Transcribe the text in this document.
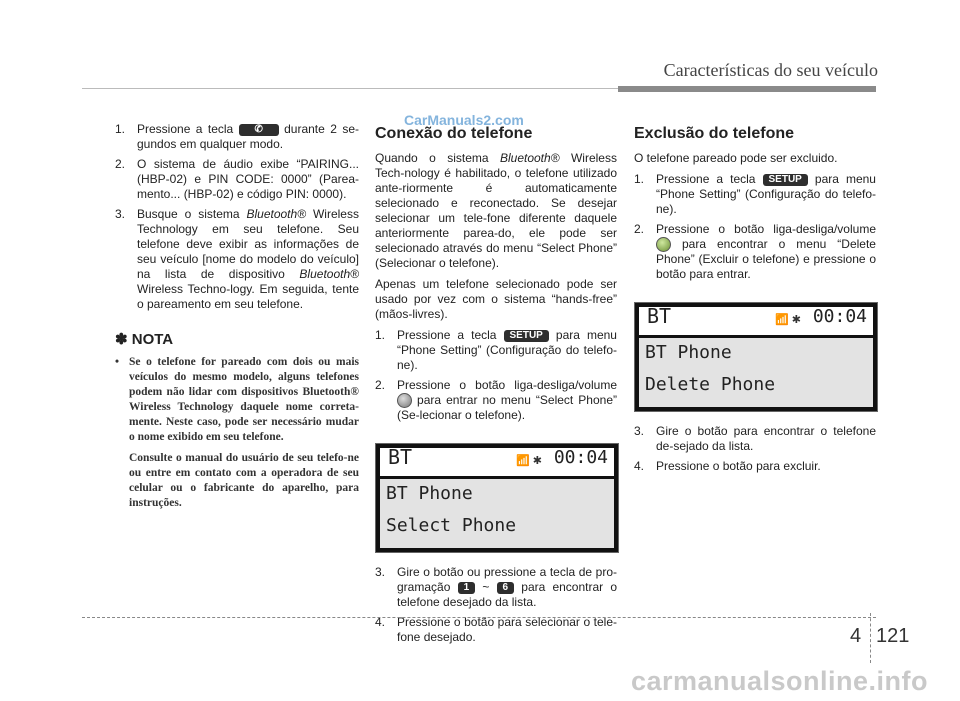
Características do seu veículo
CarManuals2.com
1. Pressione a tecla ✆ durante 2 se-gundos em qualquer modo.
2. O sistema de áudio exibe “PAIRING... (HBP-02) e PIN CODE: 0000” (Parea-mento... (HBP-02) e código PIN: 0000).
3. Busque o sistema Bluetooth® Wireless Technology em seu telefone. Seu telefone deve exibir as informações de seu veículo [nome do modelo do veículo] na lista de dispositivo Bluetooth® Wireless Techno-logy. Em seguida, tente o pareamento em seu telefone.
✽ NOTA

• Se o telefone for pareado com dois ou mais veículos do mesmo modelo, alguns telefones podem não lidar com dispositivos Bluetooth® Wireless Technology daquele nome correta-mente. Neste caso, pode ser necessário mudar o nome exibido em seu telefone.

Consulte o manual do usuário de seu telefo-ne ou entre em contato com a operadora de seu celular ou o fabricante do aparelho, para instruções.

Conexão do telefone

Quando o sistema Bluetooth® Wireless Tech-nology é habilitado, o telefone utilizado ante-riormente é automaticamente selecionado e reconectado. Se desejar selecionar um tele-fone diferente daquele anteriormente parea-do, ele pode ser selecionado através do menu “Select Phone” (Selecionar o telefone).

Apenas um telefone selecionado pode ser usado por vez com o sistema “hands-free” (mãos-livres).

1. Pressione a tecla SETUP para menu “Phone Setting” (Configuração do telefo-ne).
2. Pressione o botão liga-desliga/volume  para entrar no menu “Select Phone” (Se-lecionar o telefone).
BT	📶 ✱ 00:04
BT Phone
Select Phone
3. Gire o botão ou pressione a tecla de pro-gramação 1 ~ 6 para encontrar o telefone desejado da lista.
4. Pressione o botão para selecionar o tele-fone desejado.
Exclusão do telefone

O telefone pareado pode ser excluido.

1. Pressione a tecla SETUP para menu “Phone Setting” (Configuração do telefo-ne).
2. Pressione o botão liga-desliga/volume  para encontrar o menu “Delete Phone” (Excluir o telefone) e pressione o botão para entrar.
BT	📶 ✱ 00:04
BT Phone
Delete Phone
3. Gire o botão para encontrar o telefone de-sejado da lista.
4. Pressione o botão para excluir.
4 121
carmanualsonline.info
